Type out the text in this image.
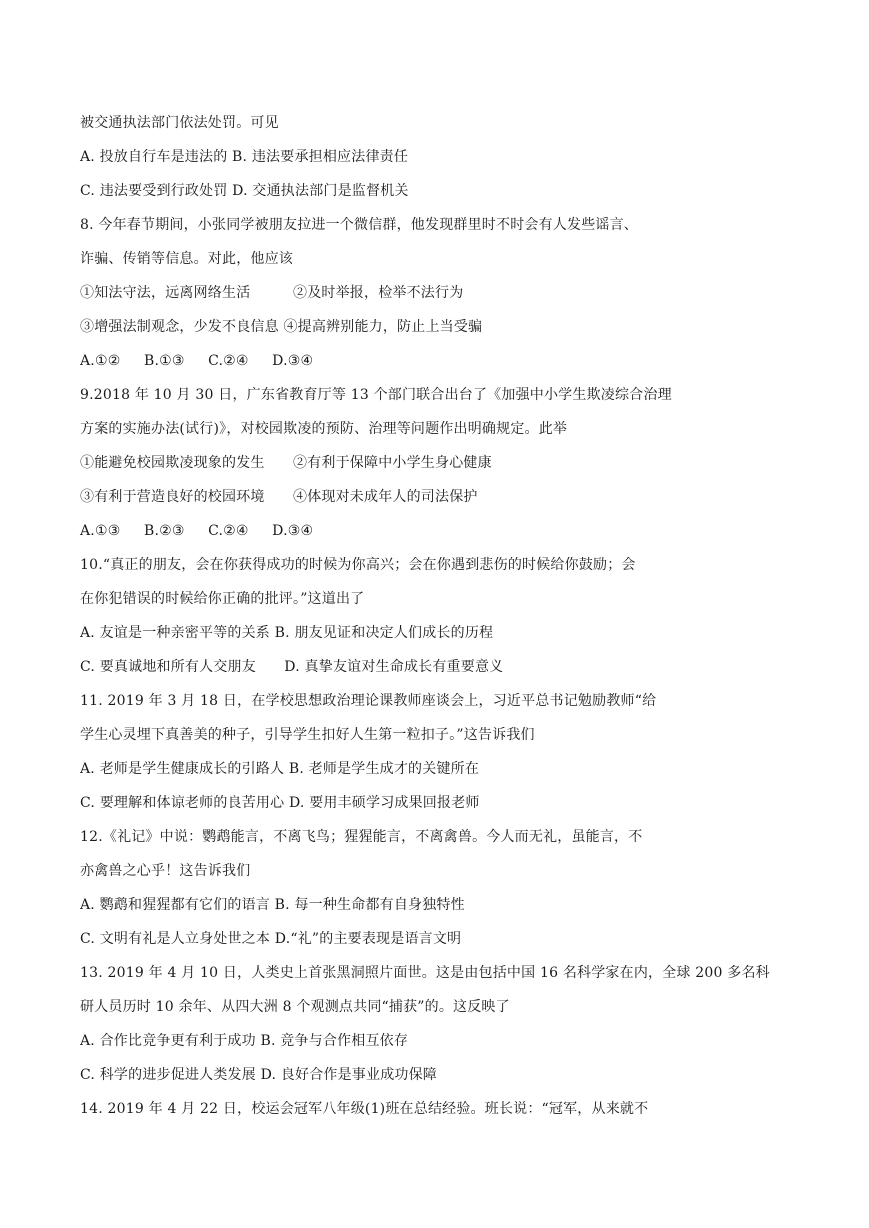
被交通执法部门依法处罚。可见
A. 投放自行车是违法的 B. 违法要承担相应法律责任
C. 违法要受到行政处罚 D. 交通执法部门是监督机关
8. 今年春节期间，小张同学被朋友拉进一个微信群，他发现群里时不时会有人发些谣言、
诈骗、传销等信息。对此，他应该
①知法守法，远离网络生活　　　②及时举报，检举不法行为
③增强法制观念，少发不良信息 ④提高辨别能力，防止上当受骗
A.①②　  B.①③　  C.②④　  D.③④
9.2018 年 10 月 30 日，广东省教育厅等 13 个部门联合出台了《加强中小学生欺凌综合治理
方案的实施办法(试行)》，对校园欺凌的预防、治理等问题作出明确规定。此举
①能避免校园欺凌现象的发生　　②有利于保障中小学生身心健康
③有利于营造良好的校园环境　　④体现对未成年人的司法保护
A.①③　  B.②③　  C.②④　  D.③④
10.“真正的朋友，会在你获得成功的时候为你高兴；会在你遇到悲伤的时候给你鼓励；会
在你犯错误的时候给你正确的批评。”这道出了
A. 友谊是一种亲密平等的关系 B. 朋友见证和决定人们成长的历程
C. 要真诚地和所有人交朋友　　D. 真挚友谊对生命成长有重要意义
11. 2019 年 3 月 18 日，在学校思想政治理论课教师座谈会上，习近平总书记勉励教师“给
学生心灵埋下真善美的种子，引导学生扣好人生第一粒扣子。”这告诉我们
A. 老师是学生健康成长的引路人 B. 老师是学生成才的关键所在
C. 要理解和体谅老师的良苦用心 D. 要用丰硕学习成果回报老师
12.《礼记》中说：鹦鹉能言，不离飞鸟；猩猩能言，不离禽兽。今人而无礼，虽能言，不
亦禽兽之心乎！这告诉我们
A. 鹦鹉和猩猩都有它们的语言 B. 每一种生命都有自身独特性
C. 文明有礼是人立身处世之本 D.“礼”的主要表现是语言文明
13. 2019 年 4 月 10 日，人类史上首张黑洞照片面世。这是由包括中国 16 名科学家在内，全球 200 多名科
研人员历时 10 余年、从四大洲 8 个观测点共同“捕获”的。这反映了
A. 合作比竞争更有利于成功 B. 竞争与合作相互依存
C. 科学的进步促进人类发展 D. 良好合作是事业成功保障
14. 2019 年 4 月 22 日，校运会冠军八年级(1)班在总结经验。班长说：“冠军，从来就不
